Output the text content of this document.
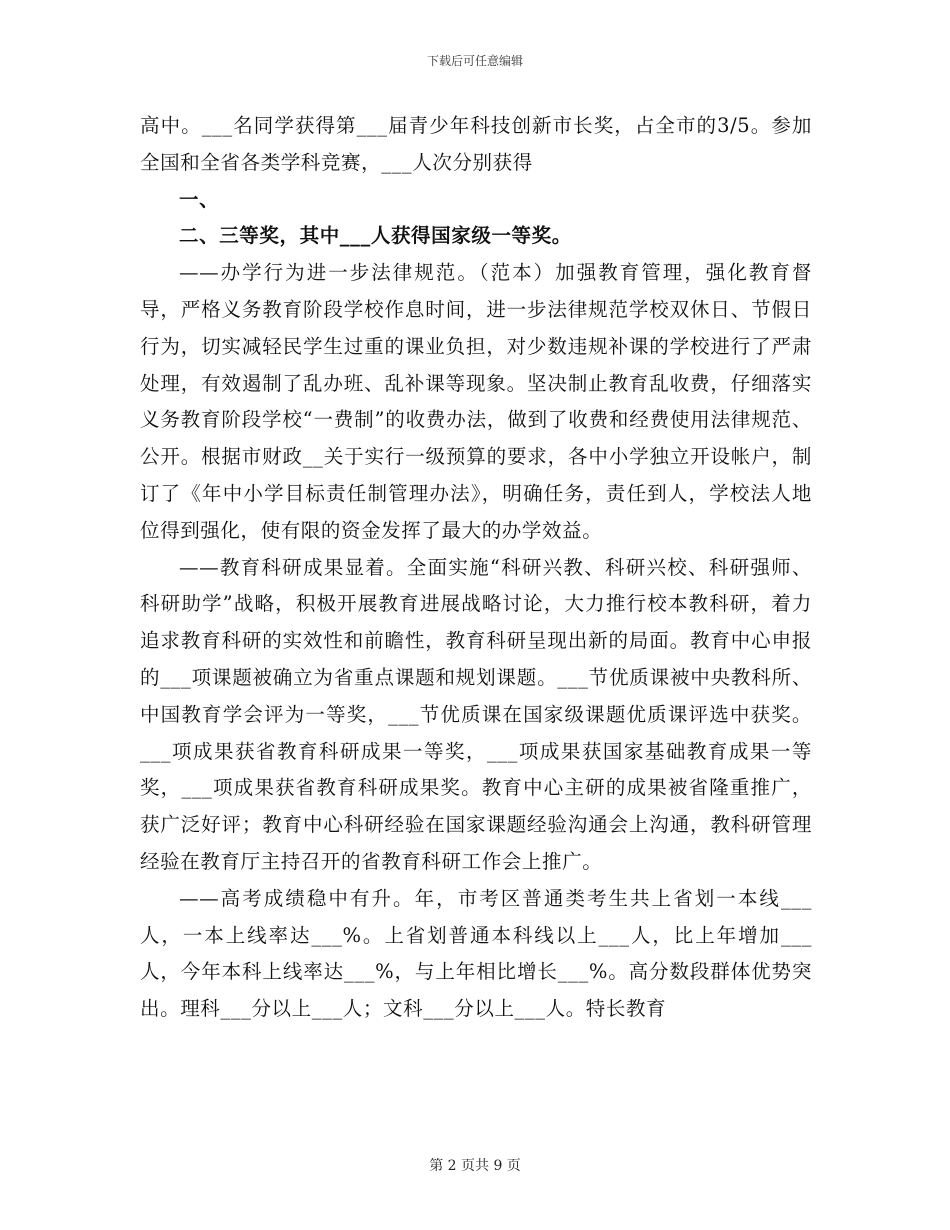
下载后可任意编辑

高中。___名同学获得第___届青少年科技创新市长奖，占全市的3/5。参加全国和全省各类学科竞赛，___人次分别获得

一、

二、三等奖，其中___人获得国家级一等奖。

——办学行为进一步法律规范。（范本）加强教育管理，强化教育督导，严格义务教育阶段学校作息时间，进一步法律规范学校双休日、节假日行为，切实减轻民学生过重的课业负担，对少数违规补课的学校进行了严肃处理，有效遏制了乱办班、乱补课等现象。坚决制止教育乱收费，仔细落实义务教育阶段学校“一费制”的收费办法，做到了收费和经费使用法律规范、公开。根据市财政__关于实行一级预算的要求，各中小学独立开设帐户，制订了《年中小学目标责任制管理办法》，明确任务，责任到人，学校法人地位得到强化，使有限的资金发挥了最大的办学效益。

——教育科研成果显着。全面实施“科研兴教、科研兴校、科研强师、科研助学”战略，积极开展教育进展战略讨论，大力推行校本教科研，着力追求教育科研的实效性和前瞻性，教育科研呈现出新的局面。教育中心申报的___项课题被确立为省重点课题和规划课题。___节优质课被中央教科所、中国教育学会评为一等奖，___节优质课在国家级课题优质课评选中获奖。___项成果获省教育科研成果一等奖，___项成果获国家基础教育成果一等奖，___项成果获省教育科研成果奖。教育中心主研的成果被省隆重推广，获广泛好评；教育中心科研经验在国家课题经验沟通会上沟通，教科研管理经验在教育厅主持召开的省教育科研工作会上推广。

——高考成绩稳中有升。年，市考区普通类考生共上省划一本线___人，一本上线率达___%。上省划普通本科线以上___人，比上年增加___人，今年本科上线率达___%，与上年相比增长___%。高分数段群体优势突出。理科___分以上___人；文科___分以上___人。特长教育

第 2 页共 9 页
